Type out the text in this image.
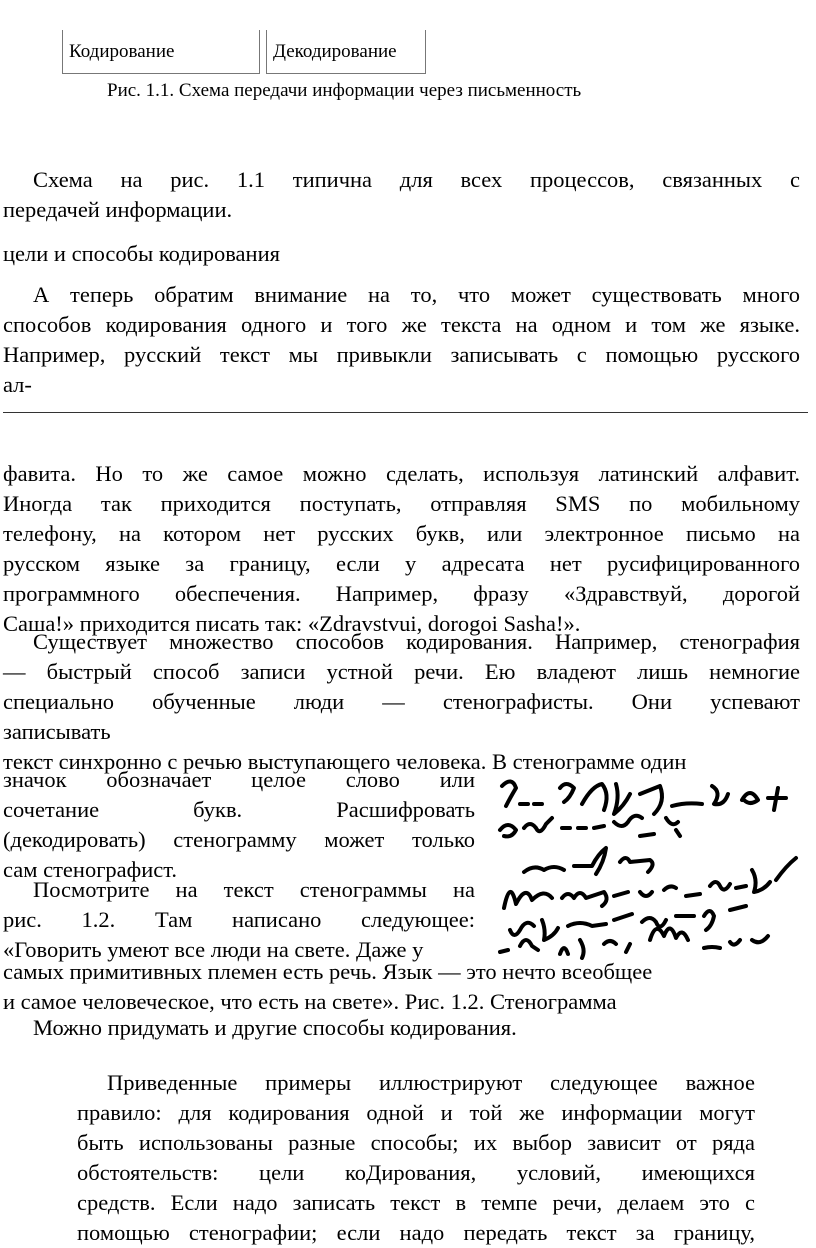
Кодирование	Декодирование
Рис. 1.1. Схема передачи информации через письменность
Схема на рис. 1.1 типична для всех процессов, связанных с
передачей информации.
цели и способы кодирования
А теперь обратим внимание на то, что может существовать много
способов кодирования одного и того же текста на одном и том же языке.
Например, русский текст мы привыкли записывать с помощью русского
ал-
фавита. Но то же самое можно сделать, используя латинский алфавит.
Иногда так приходится поступать, отправляя SMS по мобильному
телефону, на котором нет русских букв, или электронное письмо на
русском языке за границу, если у адресата нет русифицированного
программного обеспечения. Например, фразу «Здравствуй, дорогой
Саша!» приходится писать так: «Zdravstvui, dorogoi Sasha!».
Существует множество способов кодирования. Например, стенография
— быстрый способ записи устной речи. Ею владеют лишь немногие
специально обученные люди — стенографисты. Они успевают
записывать
текст синхронно с речью выступающего человека. В стенограмме один
значок обозначает целое слово или
сочетание букв. Расшифровать
(декодировать) стенограмму может только
сам стенографист.
Посмотрите на текст стенограммы на
рис. 1.2. Там написано следующее:
«Говорить умеют все люди на свете. Даже у
самых примитивных племен есть речь. Язык — это нечто всеобщее
и самое человеческое, что есть на свете». Рис. 1.2. Стенограмма
Можно придумать и другие способы кодирования.
Приведенные примеры иллюстрируют следующее важное
правило: для кодирования одной и той же информации могут
быть использованы разные способы; их выбор зависит от ряда
обстоятельств: цели коДирования, условий, имеющихся
средств. Если надо записать текст в темпе речи, делаем это с
помощью стенографии; если надо передать текст за границу,
